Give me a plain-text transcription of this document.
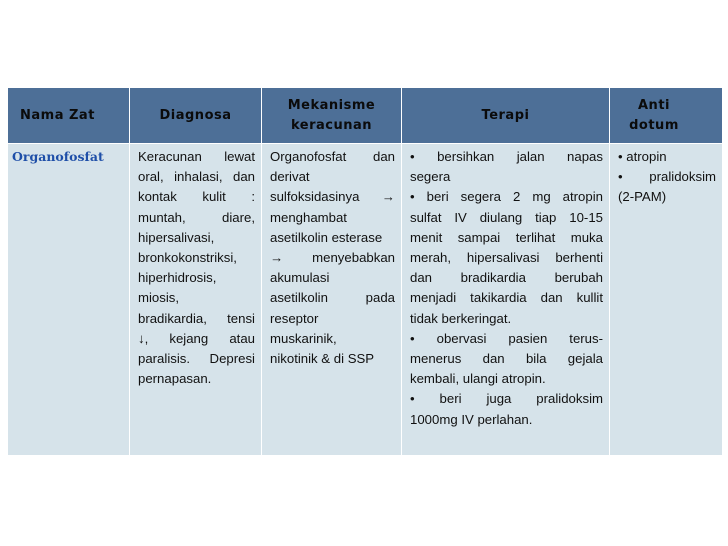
Nama Zat	Diagnosa
Mekanisme keracunan
Terapi
Anti dotum
Organofosfat	Keracunan lewat
oral, inhalasi, dan
kontak kulit :
muntah, diare,
hipersalivasi,
bronkokonstriksi,
hiperhidrosis,
miosis,
bradikardia, tensi
↓, kejang atau
paralisis. Depresi
pernapasan.
Organofosfat dan
derivat
sulfoksidasinya →
menghambat
asetilkolin esterase
→ menyebabkan
akumulasi
asetilkolin pada
reseptor
muskarinik,
nikotinik & di SSP
• bersihkan jalan napas
segera
• beri segera 2 mg atropin
sulfat IV diulang tiap 10-15
menit sampai terlihat muka
merah, hipersalivasi berhenti
dan bradikardia berubah
menjadi takikardia dan kullit
tidak berkeringat.
• obervasi pasien terus-
menerus dan bila gejala
kembali, ulangi atropin.
• beri juga pralidoksim
1000mg IV perlahan.
• atropin
• pralidoksim
(2-PAM)
